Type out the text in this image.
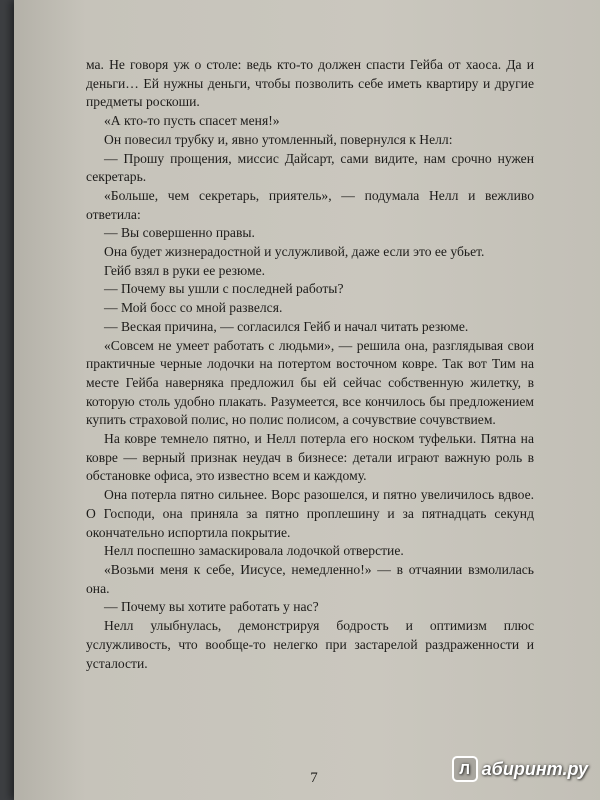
ма. Не говоря уж о столе: ведь кто-то должен спасти Гейба от хаоса. Да и деньги… Ей нужны деньги, чтобы позволить себе иметь квартиру и другие предметы роскоши.

«А кто-то пусть спасет меня!»

Он повесил трубку и, явно утомленный, повернулся к Нелл:

— Прошу прощения, миссис Дайсарт, сами видите, нам срочно нужен секретарь.

«Больше, чем секретарь, приятель», — подумала Нелл и вежливо ответила:

— Вы совершенно правы.

Она будет жизнерадостной и услужливой, даже если это ее убьет.

Гейб взял в руки ее резюме.

— Почему вы ушли с последней работы?

— Мой босс со мной развелся.

— Веская причина, — согласился Гейб и начал читать резюме.

«Совсем не умеет работать с людьми», — решила она, разглядывая свои практичные черные лодочки на потертом восточном ковре. Так вот Тим на месте Гейба наверняка предложил бы ей сейчас собственную жилетку, в которую столь удобно плакать. Разумеется, все кончилось бы предложением купить страховой полис, но полис полисом, а сочувствие сочувствием.

На ковре темнело пятно, и Нелл потерла его носком туфельки. Пятна на ковре — верный признак неудач в бизнесе: детали играют важную роль в обстановке офиса, это известно всем и каждому.

Она потерла пятно сильнее. Ворс разошелся, и пятно увеличилось вдвое. О Господи, она приняла за пятно проплешину и за пятнадцать секунд окончательно испортила покрытие.

Нелл поспешно замаскировала лодочкой отверстие.

«Возьми меня к себе, Иисусе, немедленно!» — в отчаянии взмолилась она.

— Почему вы хотите работать у нас?

Нелл улыбнулась, демонстрируя бодрость и оптимизм плюс услужливость, что вообще-то нелегко при застарелой раздраженности и усталости.

7
Л абиринт.ру
